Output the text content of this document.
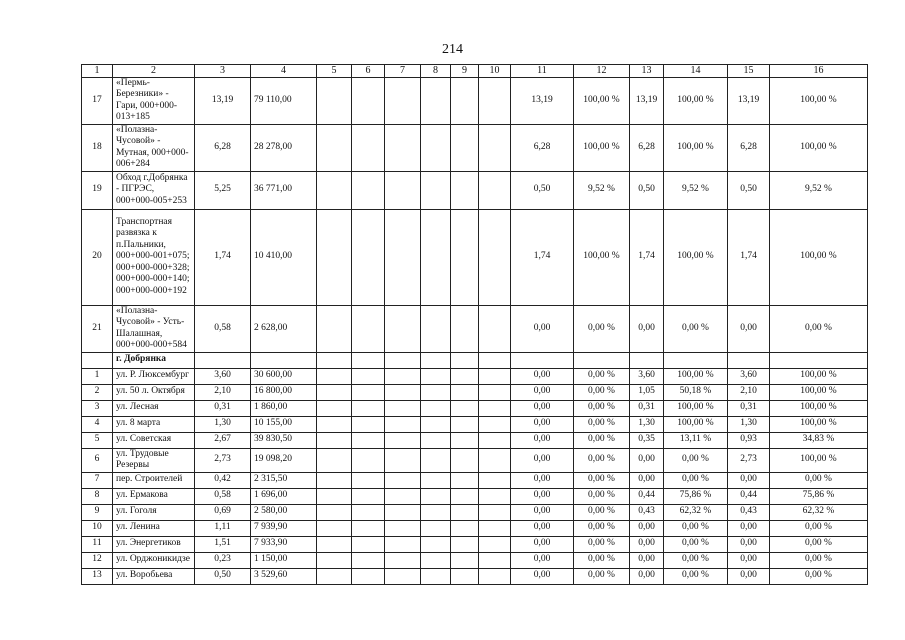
214
1	2	3	4	5	6	7	8	9	10	11	12	13	14	15	16
17	«Пермь-Березники» - Гари, 000+000-013+185	13,19	79 110,00							13,19	100,00 %	13,19	100,00 %	13,19	100,00 %
18	«Полазна-Чусовой» - Мутная, 000+000-006+284	6,28	28 278,00							6,28	100,00 %	6,28	100,00 %	6,28	100,00 %
19	Обход г.Добрянка - ПГРЭС, 000+000-005+253	5,25	36 771,00							0,50	9,52 %	0,50	9,52 %	0,50	9,52 %
20	Транспортная развязка к п.Пальники, 000+000-001+075; 000+000-000+328; 000+000-000+140; 000+000-000+192	1,74	10 410,00							1,74	100,00 %	1,74	100,00 %	1,74	100,00 %
21	«Полазна-Чусовой» - Усть-Шалашная, 000+000-000+584	0,58	2 628,00							0,00	0,00 %	0,00	0,00 %	0,00	0,00 %
	г. Добрянка														
1	ул. Р. Люксембург	3,60	30 600,00							0,00	0,00 %	3,60	100,00 %	3,60	100,00 %
2	ул. 50 л. Октября	2,10	16 800,00							0,00	0,00 %	1,05	50,18 %	2,10	100,00 %
3	ул. Лесная	0,31	1 860,00							0,00	0,00 %	0,31	100,00 %	0,31	100,00 %
4	ул. 8 марта	1,30	10 155,00							0,00	0,00 %	1,30	100,00 %	1,30	100,00 %
5	ул. Советская	2,67	39 830,50							0,00	0,00 %	0,35	13,11 %	0,93	34,83 %
6	ул. Трудовые Резервы	2,73	19 098,20							0,00	0,00 %	0,00	0,00 %	2,73	100,00 %
7	пер. Строителей	0,42	2 315,50							0,00	0,00 %	0,00	0,00 %	0,00	0,00 %
8	ул. Ермакова	0,58	1 696,00							0,00	0,00 %	0,44	75,86 %	0,44	75,86 %
9	ул. Гоголя	0,69	2 580,00							0,00	0,00 %	0,43	62,32 %	0,43	62,32 %
10	ул. Ленина	1,11	7 939,90							0,00	0,00 %	0,00	0,00 %	0,00	0,00 %
11	ул. Энергетиков	1,51	7 933,90							0,00	0,00 %	0,00	0,00 %	0,00	0,00 %
12	ул. Орджоникидзе	0,23	1 150,00							0,00	0,00 %	0,00	0,00 %	0,00	0,00 %
13	ул. Воробьева	0,50	3 529,60							0,00	0,00 %	0,00	0,00 %	0,00	0,00 %
